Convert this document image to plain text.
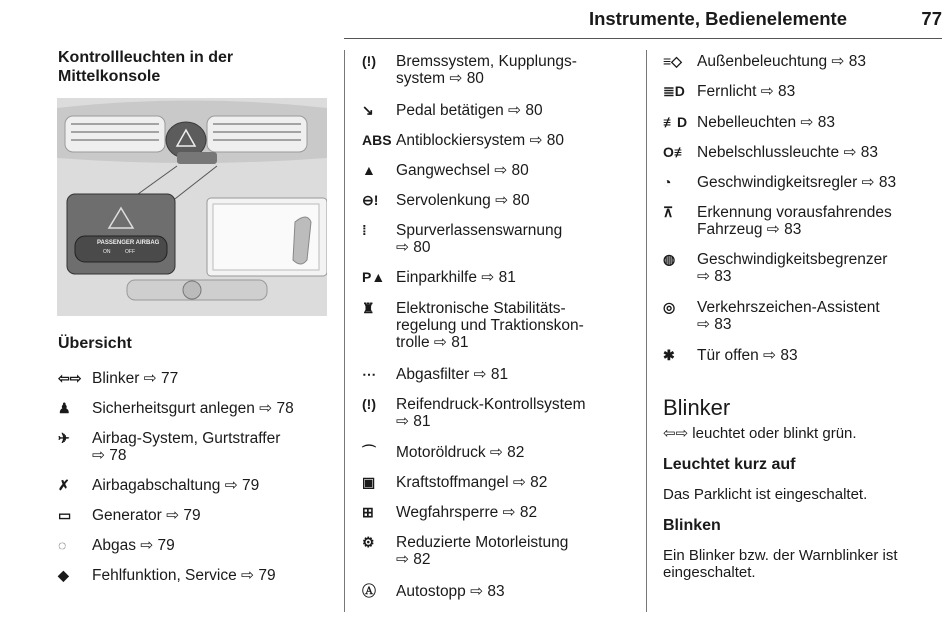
Instrumente, Bedienelemente	77
Kontrollleuchten in der
Mittelkonsole
PASSENGER AIRBAG
ON	OFF
Übersicht
⇦⇨ Blinker ⇨ 77
♟	Sicherheitsgurt anlegen ⇨ 78
✈	Airbag-System, Gurtstraffer
⇨ 78
✗	Airbagabschaltung ⇨ 79
▭	Generator ⇨ 79
◌	Abgas ⇨ 79
◆	Fehlfunktion, Service ⇨ 79
(!)	Bremssystem, Kupplungs-
system ⇨ 80
↘	Pedal betätigen ⇨ 80
ABS Antiblockiersystem ⇨ 80
▲	Gangwechsel ⇨ 80
⊖!	Servolenkung ⇨ 80
⁞	Spurverlassenswarnung
⇨ 80
P▲ Einparkhilfe ⇨ 81
♜	Elektronische Stabilitäts-
regelung und Traktionskon-
trolle ⇨ 81
⋯	Abgasfilter ⇨ 81
(!)	Reifendruck-Kontrollsystem
⇨ 81
⌒	Motoröldruck ⇨ 82
▣	Kraftstoffmangel ⇨ 82
⊞	Wegfahrsperre ⇨ 82
⚙	Reduzierte Motorleistung
⇨ 82
Ⓐ	Autostopp ⇨ 83
≡◇ Außenbeleuchtung ⇨ 83
≣D Fernlicht ⇨ 83
≢D Nebelleuchten ⇨ 83
O≢ Nebelschlussleuchte ⇨ 83
◔	Geschwindigkeitsregler ⇨ 83
⊼	Erkennung vorausfahrendes
Fahrzeug ⇨ 83
◍	Geschwindigkeitsbegrenzer
⇨ 83
◎	Verkehrszeichen-Assistent
⇨ 83
✱	Tür offen ⇨ 83
Blinker
⇦⇨ leuchtet oder blinkt grün.
Leuchtet kurz auf
Das Parklicht ist eingeschaltet.
Blinken
Ein Blinker bzw. der Warnblinker ist
eingeschaltet.
